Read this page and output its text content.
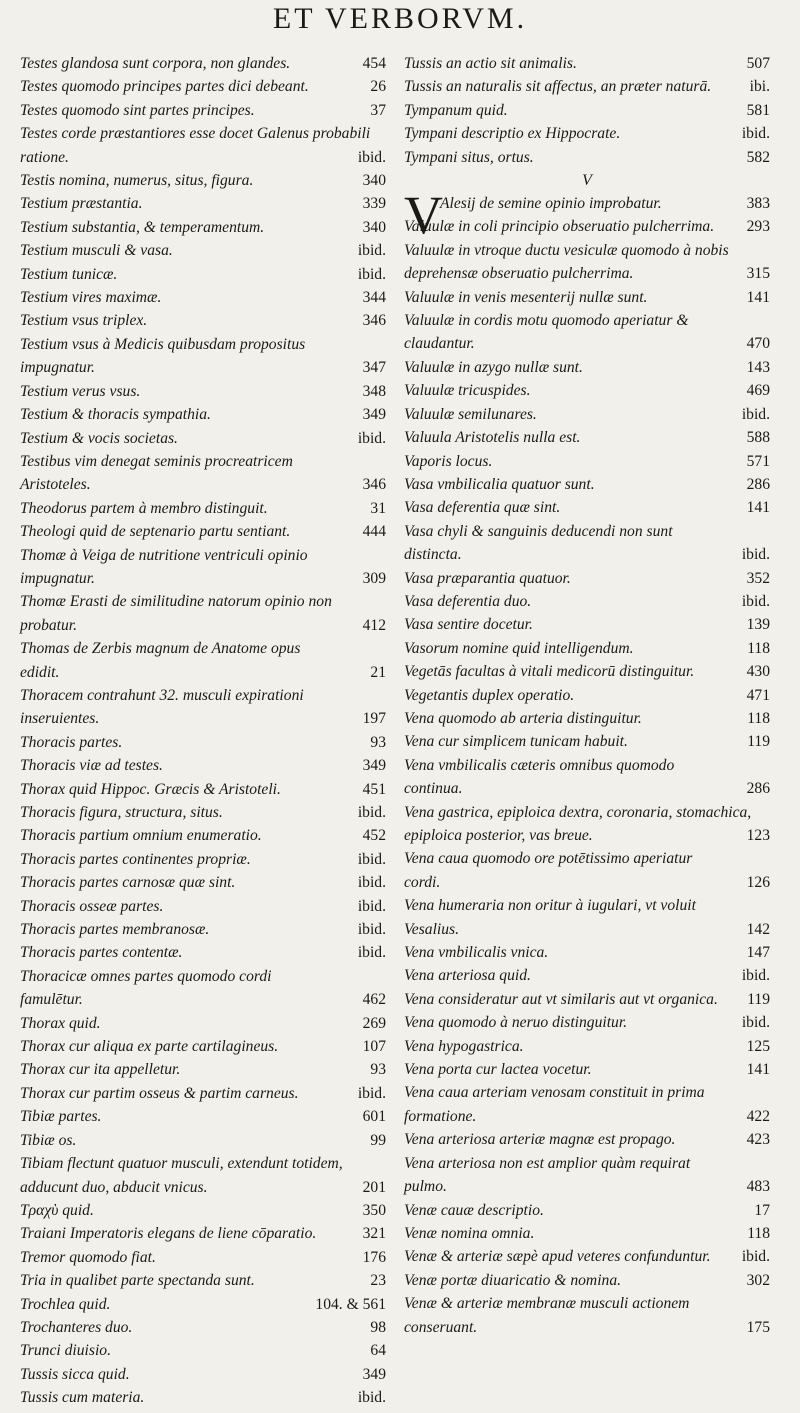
ET VERBORVM.
Testes glandosa sunt corpora, non glandes.	454
Testes quomodo principes partes dici debeant.	26
Testes quomodo sint partes principes.	37
Testes corde præstantiores esse docet Galenus probabili ratione.	ibid.
Testis nomina, numerus, situs, figura.	340
Testium præstantia.	339
Testium substantia, & temperamentum.	340
Testium musculi & vasa.	ibid.
Testium tunicæ.	ibid.
Testium vires maximæ.	344
Testium vsus triplex.	346
Testium vsus à Medicis quibusdam propositus impugnatur.	347
Testium verus vsus.	348
Testium & thoracis sympathia.	349
Testium & vocis societas.	ibid.
Testibus vim denegat seminis procreatricem Aristoteles.	346
Theodorus partem à membro distinguit.	31
Theologi quid de septenario partu sentiant.	444
Thomæ à Veiga de nutritione ventriculi opinio impugnatur.	309
Thomæ Erasti de similitudine natorum opinio non probatur.	412
Thomas de Zerbis magnum de Anatome opus edidit.	21
Thoracem contrahunt 32. musculi expirationi inseruientes.	197
Thoracis partes.	93
Thoracis viæ ad testes.	349
Thorax quid Hippoc. Græcis & Aristoteli.	451
Thoracis figura, structura, situs.	ibid.
Thoracis partium omnium enumeratio.	452
Thoracis partes continentes propriæ.	ibid.
Thoracis partes carnosæ quæ sint.	ibid.
Thoracis osseæ partes.	ibid.
Thoracis partes membranosæ.	ibid.
Thoracis partes contentæ.	ibid.
Thoracicæ omnes partes quomodo cordi famulētur.	462
Thorax quid.	269
Thorax cur aliqua ex parte cartilagineus.	107
Thorax cur ita appelletur.	93
Thorax cur partim osseus & partim carneus.	ibid.
Tibiæ partes.	601
Tibiæ os.	99
Tibiam flectunt quatuor musculi, extendunt totidem, adducunt duo, abducit vnicus.	201
Τραχὺ quid.	350
Traiani Imperatoris elegans de liene cōparatio.	321
Tremor quomodo fiat.	176
Tria in qualibet parte spectanda sunt.	23
Trochlea quid.	104. & 561
Trochanteres duo.	98
Trunci diuisio.	64
Tussis sicca quid.	349
Tussis cum materia.	ibid.
Tussis an actio sit animalis.	507
Tussis an naturalis sit affectus, an præter naturā. ibi.
Tympanum quid.	581
Tympani descriptio ex Hippocrate.	ibid.
Tympani situs, ortus.	582
V
V
Alesij de semine opinio improbatur.	383
Valuulæ in coli principio obseruatio pulcherrima. 293
Valuulæ in vtroque ductu vesiculæ quomodo à nobis deprehensæ obseruatio pulcherrima.	315
Valuulæ in venis mesenterij nullæ sunt.	141
Valuulæ in cordis motu quomodo aperiatur & claudantur.	470
Valuulæ in azygo nullæ sunt.	143
Valuulæ tricuspides.	469
Valuulæ semilunares.	ibid.
Valuula Aristotelis nulla est.	588
Vaporis locus.	571
Vasa vmbilicalia quatuor sunt.	286
Vasa deferentia quæ sint.	141
Vasa chyli & sanguinis deducendi non sunt distincta.	ibid.
Vasa præparantia quatuor.	352
Vasa deferentia duo.	ibid.
Vasa sentire docetur.	139
Vasorum nomine quid intelligendum.	118
Vegetās facultas à vitali medicorū distinguitur.	430
Vegetantis duplex operatio.	471
Vena quomodo ab arteria distinguitur.	118
Vena cur simplicem tunicam habuit.	119
Vena vmbilicalis cæteris omnibus quomodo continua.	286
Vena gastrica, epiploica dextra, coronaria, stomachica, epiploica posterior, vas breue.	123
Vena caua quomodo ore potētissimo aperiatur cordi.	126
Vena humeraria non oritur à iugulari, vt voluit Vesalius.	142
Vena vmbilicalis vnica.	147
Vena arteriosa quid.	ibid.
Vena consideratur aut vt similaris aut vt organica. 119
Vena quomodo à neruo distinguitur.	ibid.
Vena hypogastrica.	125
Vena porta cur lactea vocetur.	141
Vena caua arteriam venosam constituit in prima formatione.	422
Vena arteriosa arteriæ magnæ est propago.	423
Vena arteriosa non est amplior quàm requirat pulmo.	483
Venæ cauæ descriptio.	17
Venæ nomina omnia.	118
Venæ & arteriæ sæpè apud veteres confunduntur. ibid.
Venæ portæ diuaricatio & nomina.	302
Venæ & arteriæ membranæ musculi actionem conseruant.	175
